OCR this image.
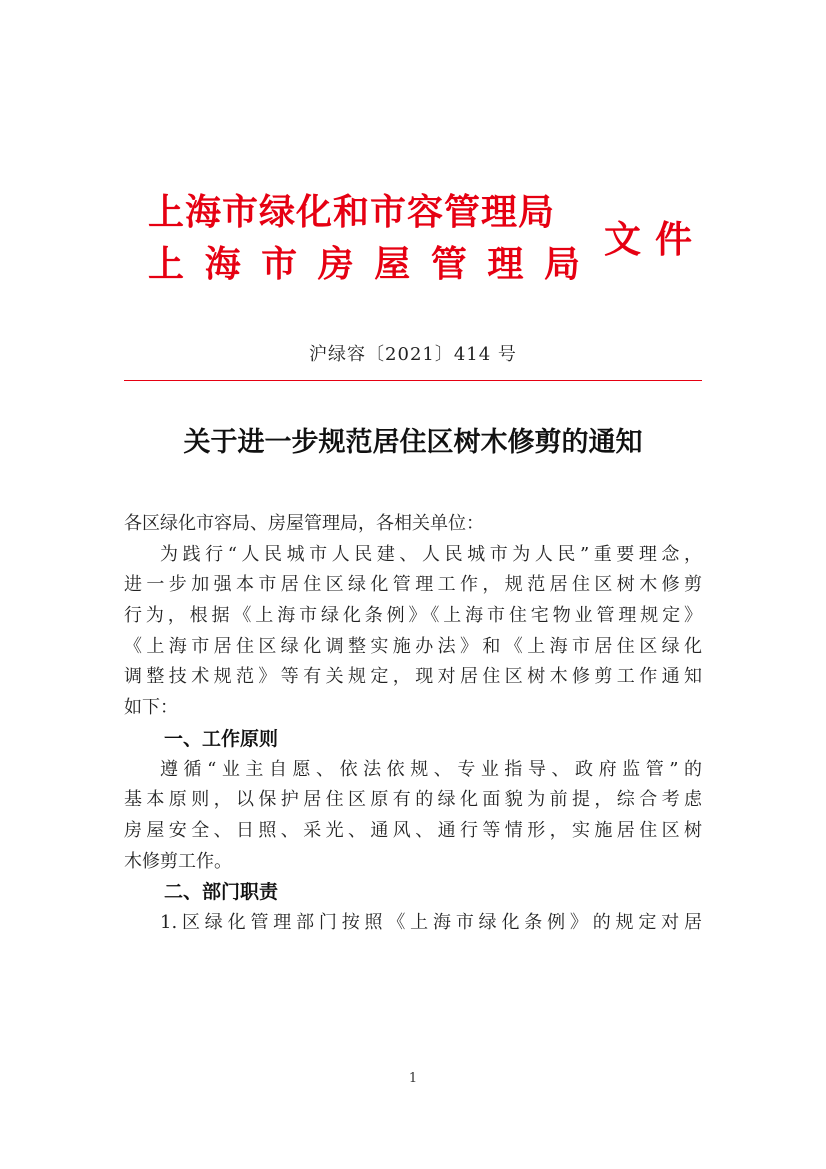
上海市绿化和市容管理局
上 海 市 房 屋 管 理 局
文件
沪绿容〔2021〕414 号
关于进一步规范居住区树木修剪的通知
各区绿化市容局、房屋管理局，各相关单位：
为践行“人民城市人民建、人民城市为人民”重要理念，
进一步加强本市居住区绿化管理工作，规范居住区树木修剪
行为，根据《上海市绿化条例》《上海市住宅物业管理规定》
《上海市居住区绿化调整实施办法》和《上海市居住区绿化
调整技术规范》等有关规定，现对居住区树木修剪工作通知
如下：
一、工作原则
遵循“业主自愿、依法依规、专业指导、政府监管”的
基本原则，以保护居住区原有的绿化面貌为前提，综合考虑
房屋安全、日照、采光、通风、通行等情形，实施居住区树
木修剪工作。
二、部门职责
1.区绿化管理部门按照《上海市绿化条例》的规定对居
1
